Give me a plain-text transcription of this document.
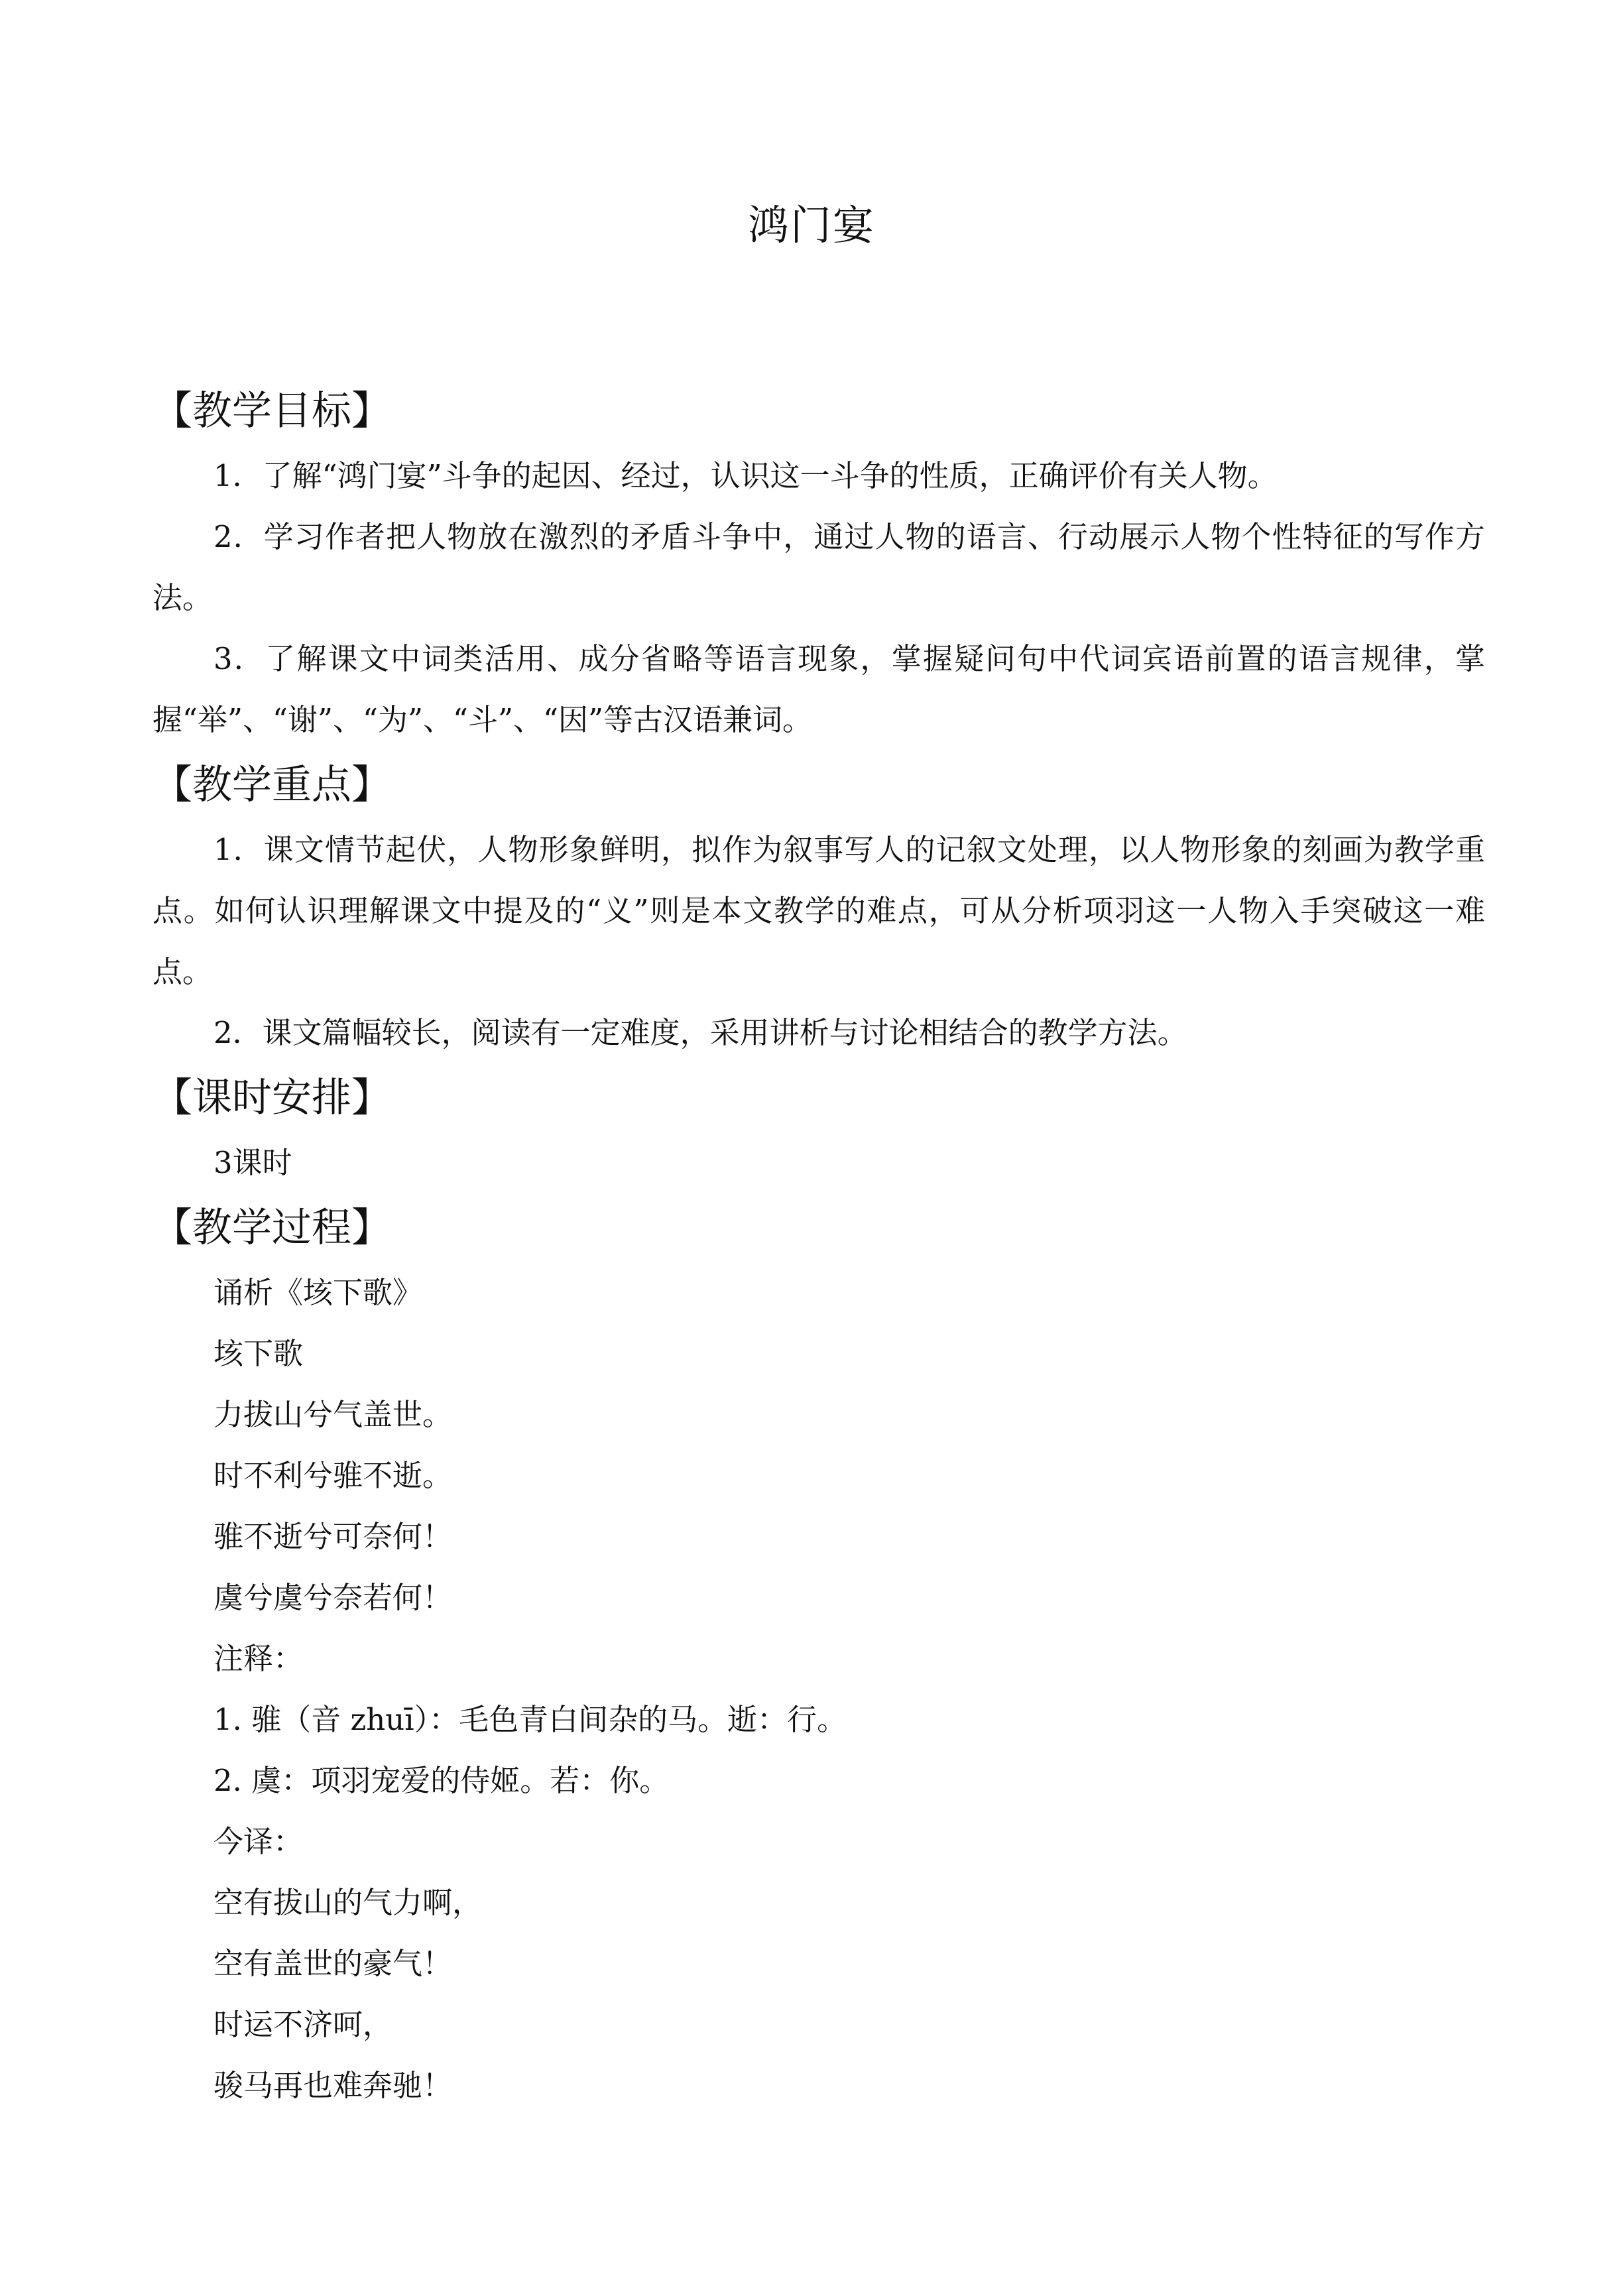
鸿门宴
【教学目标】

1．了解“鸿门宴”斗争的起因、经过，认识这一斗争的性质，正确评价有关人物。

2．学习作者把人物放在激烈的矛盾斗争中，通过人物的语言、行动展示人物个性特征的写作方法。

3．了解课文中词类活用、成分省略等语言现象，掌握疑问句中代词宾语前置的语言规律，掌握“举”、“谢”、“为”、“斗”、“因”等古汉语兼词。

【教学重点】

1．课文情节起伏，人物形象鲜明，拟作为叙事写人的记叙文处理，以人物形象的刻画为教学重点。如何认识理解课文中提及的“义”则是本文教学的难点，可从分析项羽这一人物入手突破这一难点。

2．课文篇幅较长，阅读有一定难度，采用讲析与讨论相结合的教学方法。

【课时安排】
3课时
【教学过程】
诵析《垓下歌》
垓下歌
力拔山兮气盖世。
时不利兮骓不逝。
骓不逝兮可奈何！
虞兮虞兮奈若何！
注释：
1. 骓（音 zhuī）：毛色青白间杂的马。逝：行。
2. 虞：项羽宠爱的侍姬。若：你。
今译：
空有拔山的气力啊，
空有盖世的豪气！
时运不济呵，
骏马再也难奔驰！
